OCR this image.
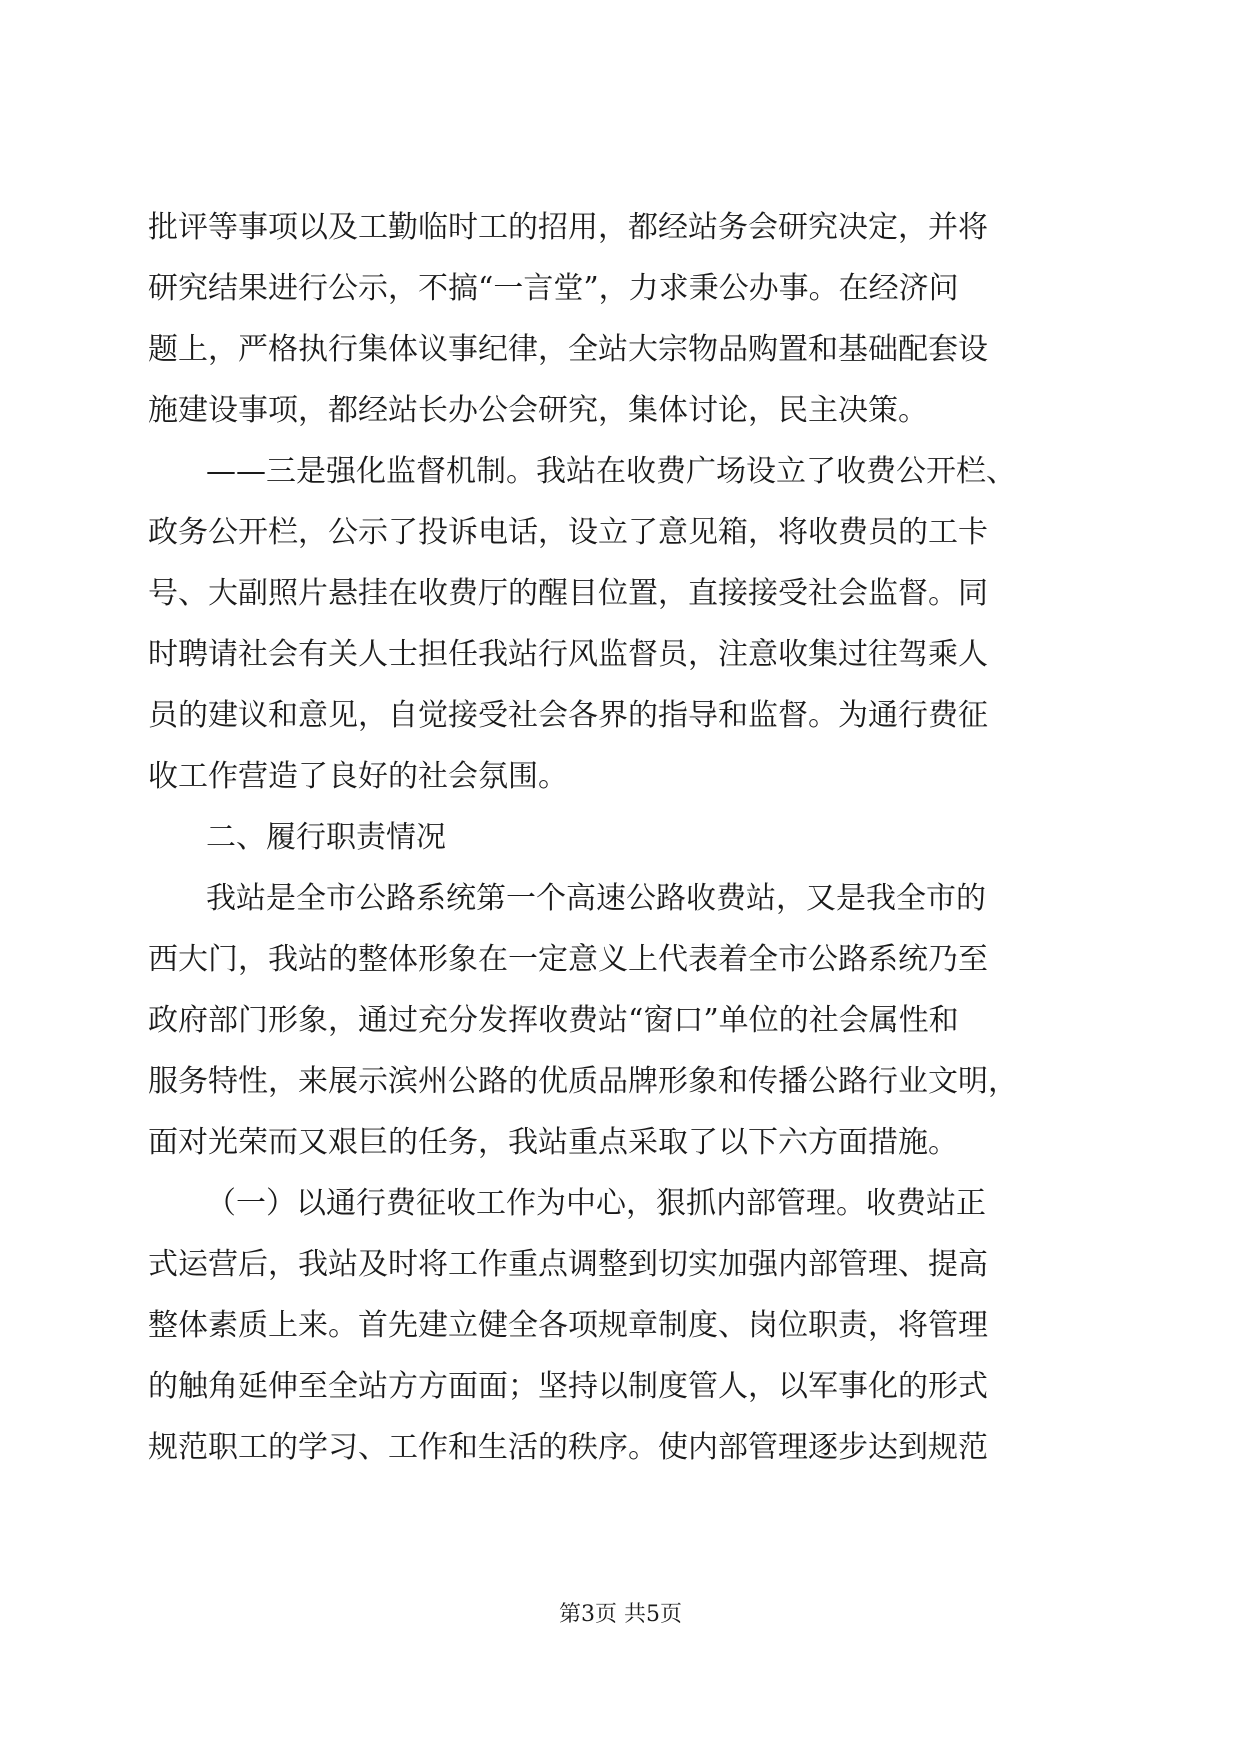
批评等事项以及工勤临时工的招用，都经站务会研究决定，并将
研究结果进行公示，不搞“一言堂”，力求秉公办事。在经济问
题上，严格执行集体议事纪律，全站大宗物品购置和基础配套设
施建设事项，都经站长办公会研究，集体讨论，民主决策。
——三是强化监督机制。我站在收费广场设立了收费公开栏、
政务公开栏，公示了投诉电话，设立了意见箱，将收费员的工卡
号、大副照片悬挂在收费厅的醒目位置，直接接受社会监督。同
时聘请社会有关人士担任我站行风监督员，注意收集过往驾乘人
员的建议和意见，自觉接受社会各界的指导和监督。为通行费征
收工作营造了良好的社会氛围。
二、履行职责情况
我站是全市公路系统第一个高速公路收费站，又是我全市的
西大门，我站的整体形象在一定意义上代表着全市公路系统乃至
政府部门形象，通过充分发挥收费站“窗口”单位的社会属性和
服务特性，来展示滨州公路的优质品牌形象和传播公路行业文明，
面对光荣而又艰巨的任务，我站重点采取了以下六方面措施。
（一）以通行费征收工作为中心，狠抓内部管理。收费站正
式运营后，我站及时将工作重点调整到切实加强内部管理、提高
整体素质上来。首先建立健全各项规章制度、岗位职责，将管理
的触角延伸至全站方方面面；坚持以制度管人，以军事化的形式
规范职工的学习、工作和生活的秩序。使内部管理逐步达到规范
第3页 共5页
